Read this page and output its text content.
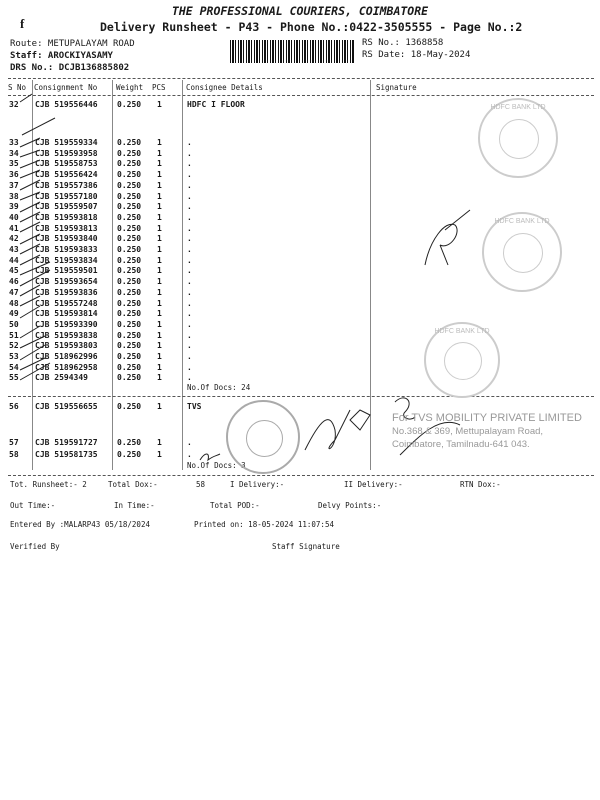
f
THE PROFESSIONAL COURIERS, COIMBATORE
Delivery Runsheet - P43 - Phone No.:0422-3505555 - Page No.:2
Route: METUPALAYAM ROAD
Staff: AROCKIYASAMY
DRS No.: DCJB136885802
RS No.: 1368858
RS Date: 18-May-2024
S No Consignment No	Weight PCS	Consignee Details	Signature
32 CJB 519556446 0.250 1	HDFC I FLOOR
33 CJB 519559334 0.250 1	.
34 CJB 519593958 0.250 1	.
35 CJB 519558753 0.250 1	.
36 CJB 519556424 0.250 1	.
37 CJB 519557386 0.250 1	.
38 CJB 519557180 0.250 1	.
39 CJB 519559507 0.250 1	.
40 CJB 519593818 0.250 1	.
41 CJB 519593813 0.250 1	.
42 CJB 519593840 0.250 1	.
43 CJB 519593833 0.250 1	.
44 CJB 519593834 0.250 1	.
45 CJB 519559501 0.250 1	.
46 CJB 519593654 0.250 1	.
47 CJB 519593836 0.250 1	.
48 CJB 519557248 0.250 1	.
49 CJB 519593814 0.250 1	.
50 CJB 519593390 0.250 1	.
51 CJB 519593838 0.250 1	.
52 CJB 519593803 0.250 1	.
53 CJB 518962996 0.250 1	.
54 CJB 518962958 0.250 1	.
55 CJB 2594349	0.250 1	.
No.Of Docs: 24
56 CJB 519556655 0.250 1	TVS
57 CJB 519591727 0.250 1	.
58 CJB 519581735 0.250 1	.
No.Of Docs: 3
HDFC BANK LTD
HDFC BANK LTD
HDFC BANK LTD
For TVS MOBILITY PRIVATE LIMITED
No.368 & 369, Mettupalayam Road,
Coimbatore, Tamilnadu-641 043.
Tot. Runsheet:- 2	Total Dox:-	58	I Delivery:-	II Delivery:-	RTN Dox:-
Out Time:-	In Time:-	Total POD:-	Delvy Points:-
Entered By :MALARP43 05/18/2024	Printed on: 18-05-2024 11:07:54
Verified By	Staff Signature
